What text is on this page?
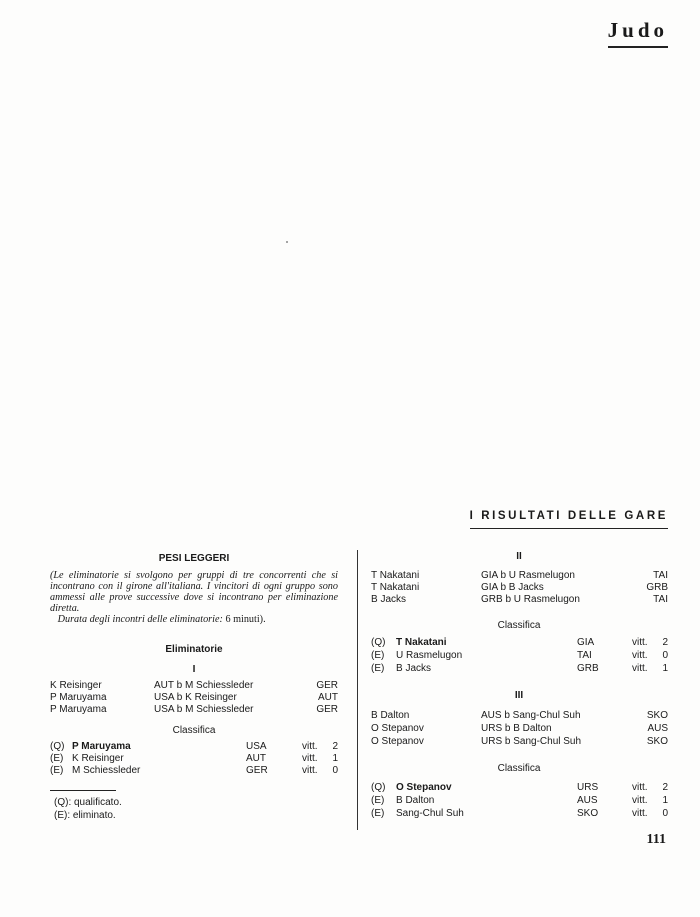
Judo
I RISULTATI DELLE GARE
PESI LEGGERI
(Le eliminatorie si svolgono per gruppi di tre concorrenti che si incontrano con il girone all'italiana. I vincitori di ogni gruppo sono ammessi alle prove successive dove si incontrano per eliminazione diretta.
Durata degli incontri delle eliminatorie: 6 minuti).
Eliminatorie
I
K Reisinger	AUT b M Schiessleder	GER
P Maruyama	USA b K Reisinger	AUT
P Maruyama	USA b M Schiessleder	GER
Classifica
(Q) P Maruyama	USA	vitt. 2
(E) K Reisinger	AUT	vitt. 1
(E) M Schiessleder	GER	vitt. 0
(Q): qualificato.
(E): eliminato.
II
T Nakatani	GIA b U Rasmelugon	TAI
T Nakatani	GIA b B Jacks	GRB
B Jacks	GRB b U Rasmelugon	TAI
Classifica
(Q) T Nakatani	GIA	vitt. 2
(E) U Rasmelugon	TAI	vitt. 0
(E) B Jacks	GRB	vitt. 1
III
B Dalton	AUS b Sang-Chul Suh	SKO
O Stepanov	URS b B Dalton	AUS
O Stepanov	URS b Sang-Chul Suh	SKO
Classifica
(Q) O Stepanov	URS	vitt. 2
(E) B Dalton	AUS	vitt. 1
(E) Sang-Chul Suh	SKO	vitt. 0
111
